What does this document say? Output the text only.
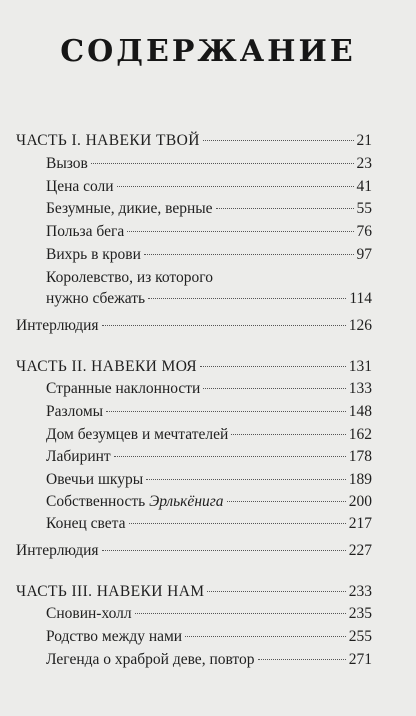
СОДЕРЖАНИЕ
ЧАСТЬ I. НАВЕКИ ТВОЙ	21
Вызов	23
Цена соли	41
Безумные, дикие, верные	55
Польза бега	76
Вихрь в крови	97
Королевство, из которого
нужно сбежать	114
Интерлюдия	126
ЧАСТЬ II. НАВЕКИ МОЯ	131
Странные наклонности	133
Разломы	148
Дом безумцев и мечтателей	162
Лабиринт	178
Овечьи шкуры	189
Собственность Эрлькёнига	200
Конец света	217
Интерлюдия	227
ЧАСТЬ III. НАВЕКИ НАМ	233
Сновин-холл	235
Родство между нами	255
Легенда о храброй деве, повтор	271
